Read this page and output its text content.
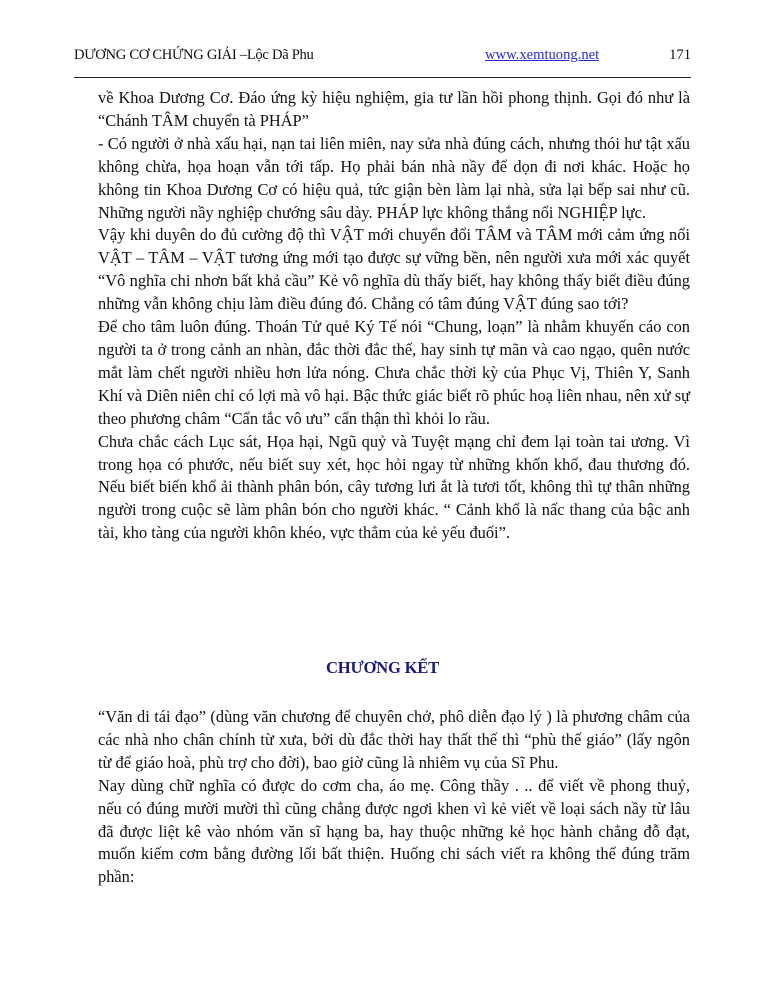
DƯƠNG CƠ CHỨNG GIẢI –Lộc Dã Phu	www.xemtuong.net	171

về Khoa Dương Cơ. Đáo ứng kỳ hiệu nghiệm, gia tư lần hồi phong thịnh. Gọi đó như là “Chánh TÂM chuyển tà PHÁP”

- Có người ở nhà xấu hại, nạn tai liên miên, nay sửa nhà đúng cách, nhưng thói hư tật xấu không chừa, họa hoạn vẫn tới tấp. Họ phải bán nhà nầy để dọn đi nơi khác. Hoặc họ không tin Khoa Dương Cơ có hiệu quả, tức giận bèn làm lại nhà, sửa lại bếp sai như cũ. Những người nầy nghiệp chướng sâu dày. PHÁP lực không thắng nổi NGHIỆP lực.

Vậy khi duyên do đủ cường độ thì VẬT mới chuyển đổi TÂM và TÂM mới cảm ứng nổi VẬT – TÂM – VẬT tương ứng mới tạo được sự vững bền, nên người xưa mới xác quyết “Vô nghĩa chi nhơn bất khả cầu” Kẻ vô nghĩa dù thấy biết, hay không thấy biết điều đúng những vẫn không chịu làm điều đúng đó. Chẳng có tâm đúng VẬT đúng sao tới?

Để cho tâm luôn đúng. Thoán Tử quẻ Ký Tế nói “Chung, loạn” là nhằm khuyến cáo con người ta ở trong cảnh an nhàn, đắc thời đắc thế, hay sinh tự mãn và cao ngạo, quên nước mắt làm chết người nhiều hơn lửa nóng. Chưa chắc thời kỳ của Phục Vị, Thiên Y, Sanh Khí và Diên niên chỉ có lợi mà vô hại. Bậc thức giác biết rõ phúc hoạ liên nhau, nên xử sự theo phương châm “Cẩn tắc vô ưu” cẩn thận thì khỏi lo rầu.

Chưa chắc cách Lục sát, Họa hại, Ngũ quỷ và Tuyệt mạng chỉ đem lại toàn tai ương. Vì trong họa có phước, nếu biết suy xét, học hỏi ngay từ những khốn khổ, đau thương đó. Nếu biết biến khổ ải thành phân bón, cây tương lưi ắt là tươi tốt, không thì tự thân những người trong cuộc sẽ làm phân bón cho người khác. “ Cảnh khổ là nấc thang của bậc anh tài, kho tàng của người khôn khéo, vực thẳm của kẻ yếu đuối”.

CHƯƠNG KẾT

“Văn di tái đạo” (dùng văn chương để chuyên chở, phô diễn đạo lý ) là phương châm của các nhà nho chân chính từ xưa, bởi dù đắc thời hay thất thế thì “phù thế giáo” (lấy ngôn từ để giáo hoà, phù trợ cho đời), bao giờ cũng là nhiêm vụ của Sĩ Phu.

Nay dùng chữ nghĩa có được do cơm cha, áo mẹ. Công thầy . .. để viết về phong thuỷ, nếu có đúng mười mười thì cũng chẳng được ngơi khen vì kẻ viết về loại sách nầy từ lâu đã được liệt kê vào nhóm văn sĩ hạng ba, hay thuộc những kẻ học hành chẳng đỗ đạt, muốn kiếm cơm bằng đường lối bất thiện. Huống chi sách viết ra không thể đúng trăm phần:
